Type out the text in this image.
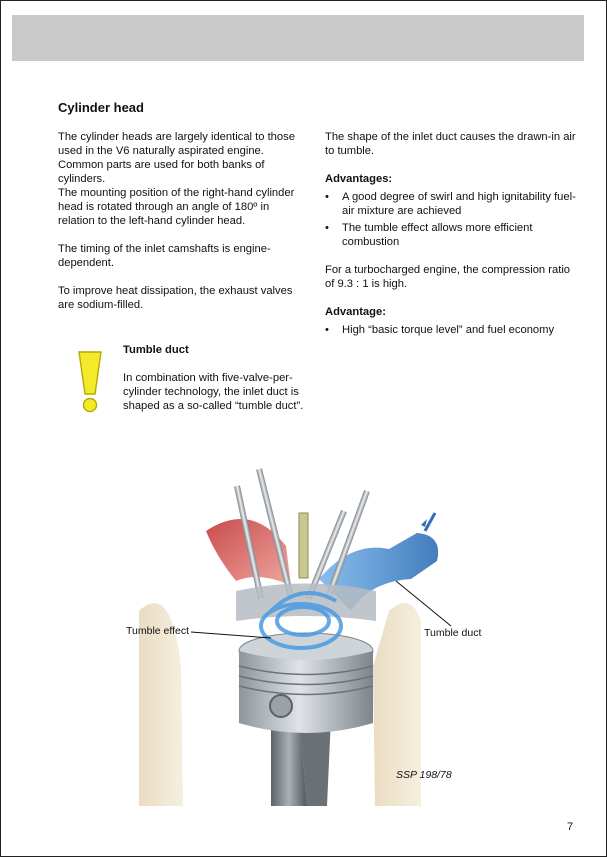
Cylinder head

The cylinder heads are largely identical to those used in the V6 naturally aspirated engine. Common parts are used for both banks of cylinders.

The mounting position of the right-hand cylinder head is rotated through an angle of 180º in relation to the left-hand cylinder head.

The timing of the inlet camshafts is engine-dependent.

To improve heat dissipation, the exhaust valves are sodium-filled.

Tumble duct
In combination with five-valve-per-cylinder technology, the inlet duct is shaped as a so-called “tumble duct”.

The shape of the inlet duct causes the drawn-in air to tumble.

Advantages:
• A good degree of swirl and high ignitability fuel-air mixture are achieved
• The tumble effect allows more efficient combustion

For a turbocharged engine, the compression ratio of 9.3 : 1 is high.

Advantage:
• High “basic torque level” and fuel economy
Tumble effect	Tumble duct
SSP 198/78
7
